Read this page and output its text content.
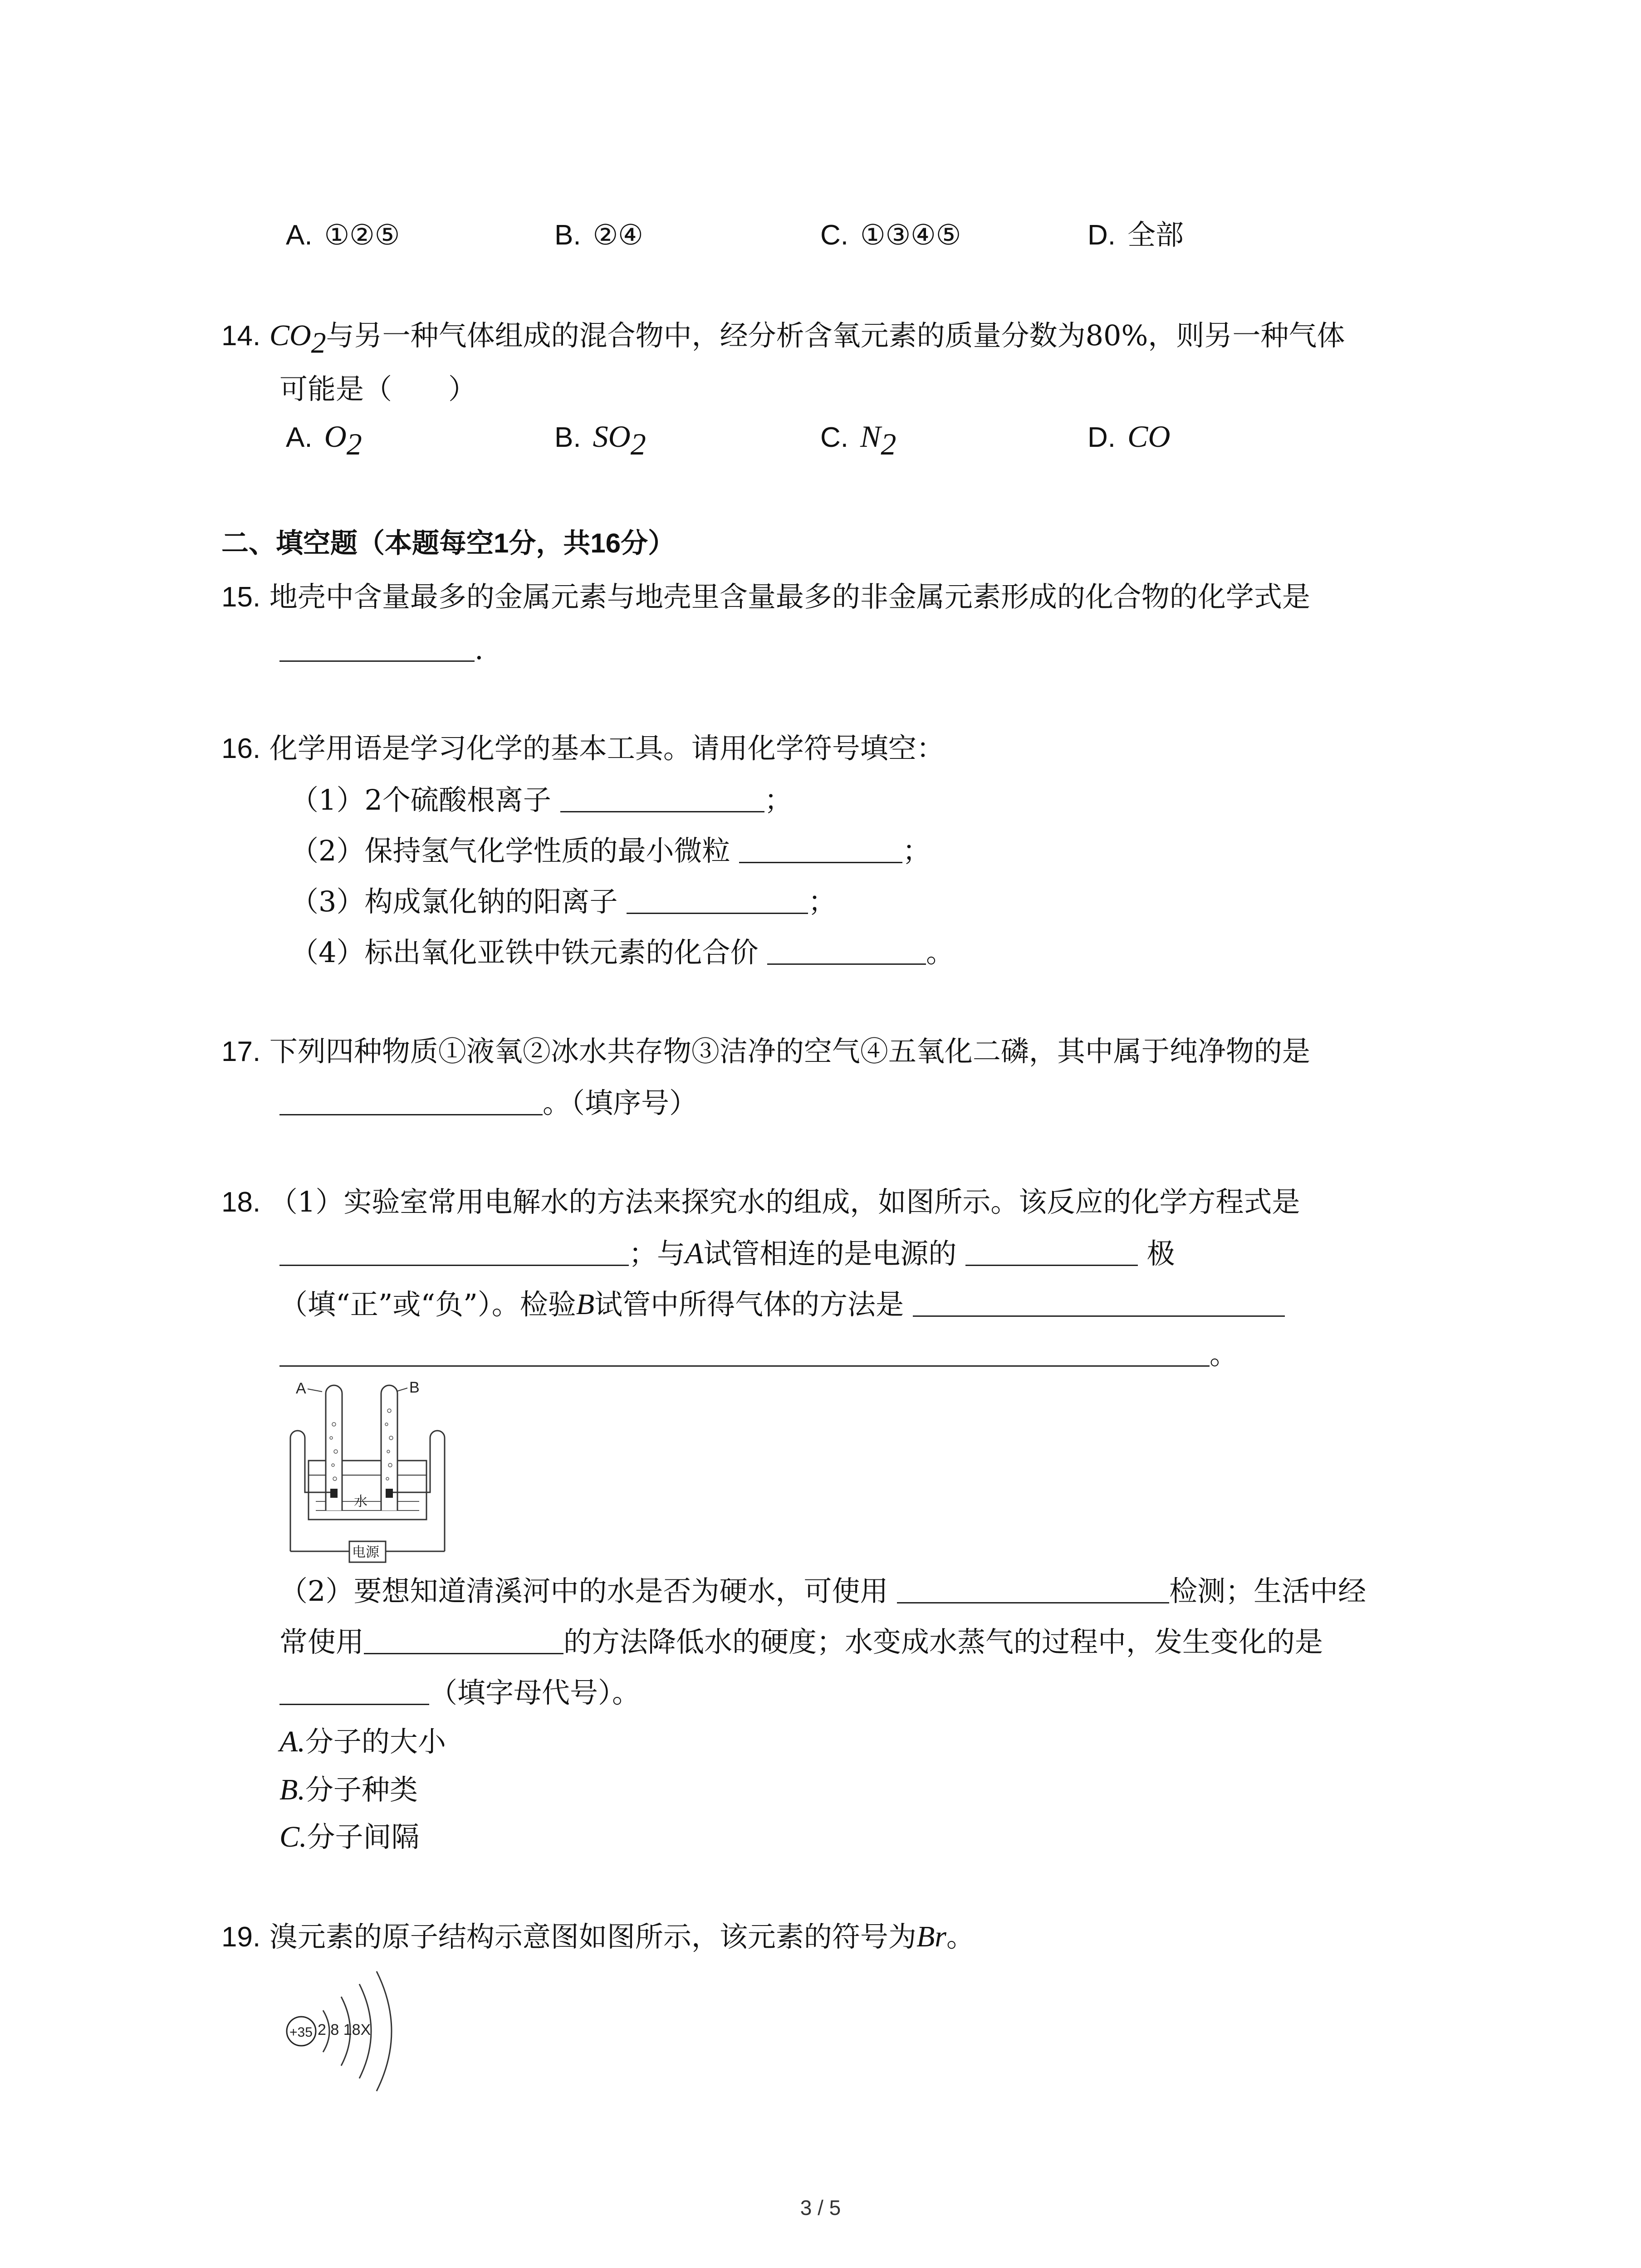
A. ①②⑤	B. ②④	C. ①③④⑤	D. 全部
14. $CO_2$与另一种气体组成的混合物中，经分析含氧元素的质量分数为80%，则另一种气体
可能是（　　）
A. $O_2$	B. $SO_2$	C. $N_2$	D. CO
二、填空题（本题每空1分，共16分）
15. 地壳中含量最多的金属元素与地壳里含量最多的非金属元素形成的化合物的化学式是
.
16. 化学用语是学习化学的基本工具。请用化学符号填空：
（1）2个硫酸根离子	；
（2）保持氢气化学性质的最小微粒	；
（3）构成氯化钠的阳离子	；
（4）标出氧化亚铁中铁元素的化合价	。
17. 下列四种物质①液氧②冰水共存物③洁净的空气④五氧化二磷，其中属于纯净物的是
。（填序号）
18. （1）实验室常用电解水的方法来探究水的组成，如图所示。该反应的化学方程式是
；与A试管相连的是电源的	极
（填“正”或“负”）。检验B试管中所得气体的方法是
。
A	B
水
电源
（2）要想知道清溪河中的水是否为硬水，可使用	检测；生活中经
常使用	的方法降低水的硬度；水变成水蒸气的过程中，发生变化的是
（填字母代号）。
A.分子的大小
B.分子种类
C.分子间隔
19. 溴元素的原子结构示意图如图所示，该元素的符号为Br。
+35 2 8 18X
3 / 5
